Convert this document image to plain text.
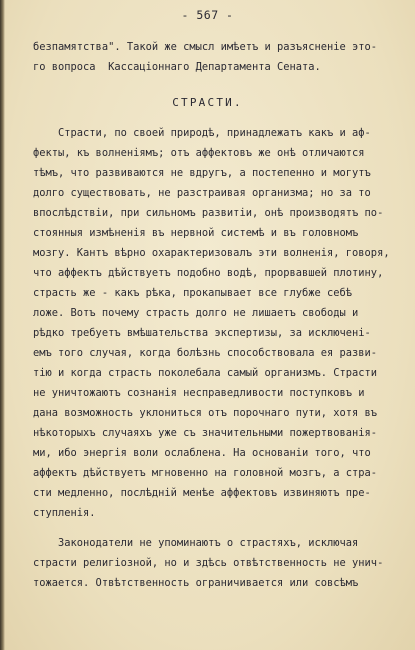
- 567 -
безпамятства". Такой же смысл имѣетъ и разъясненіе это-
го вопроса  Кассаціоннаго Департамента Сената.
СТРАСТИ.
Страсти, по своей природѣ, принадлежатъ какъ и аф-
фекты, къ волненіямъ; отъ аффектовъ же онѣ отличаются
тѣмъ, что развиваются не вдругъ, а постепенно и могутъ
долго существовать, не разстраивая организма; но за то
впослѣдствіи, при сильномъ развитіи, онѣ производятъ по-
стоянныя измѣненія въ нервной системѣ и въ головномъ
мозгу. Кантъ вѣрно охарактеризовалъ эти волненія, говоря,
что аффектъ дѣйствуетъ подобно водѣ, прорвавшей плотину,
страсть же - какъ рѣка, прокапывает все глубже себѣ
ложе. Вотъ почему страсть долго не лишаетъ свободы и
рѣдко требуетъ вмѣшательства экспертизы, за исключені-
емъ того случая, когда болѣзнь способствовала ея разви-
тію и когда страсть поколебала самый организмъ. Страсти
не уничтожаютъ сознанія несправедливости поступковъ и
дана возможность уклониться отъ порочнаго пути, хотя въ
нѣкоторыхъ случаяхъ уже съ значительными пожертвованія-
ми, ибо энергія воли ослаблена. На основаніи того, что
аффектъ дѣйствуетъ мгновенно на головной мозгъ, а стра-
сти медленно, послѣдній менѣе аффектовъ извиняютъ пре-
ступленія.
Законодатели не упоминаютъ о страстяхъ, исключая
страсти религіозной, но и здѣсь отвѣтственность не унич-
тожается. Отвѣтственность ограничивается или совсѣмъ
